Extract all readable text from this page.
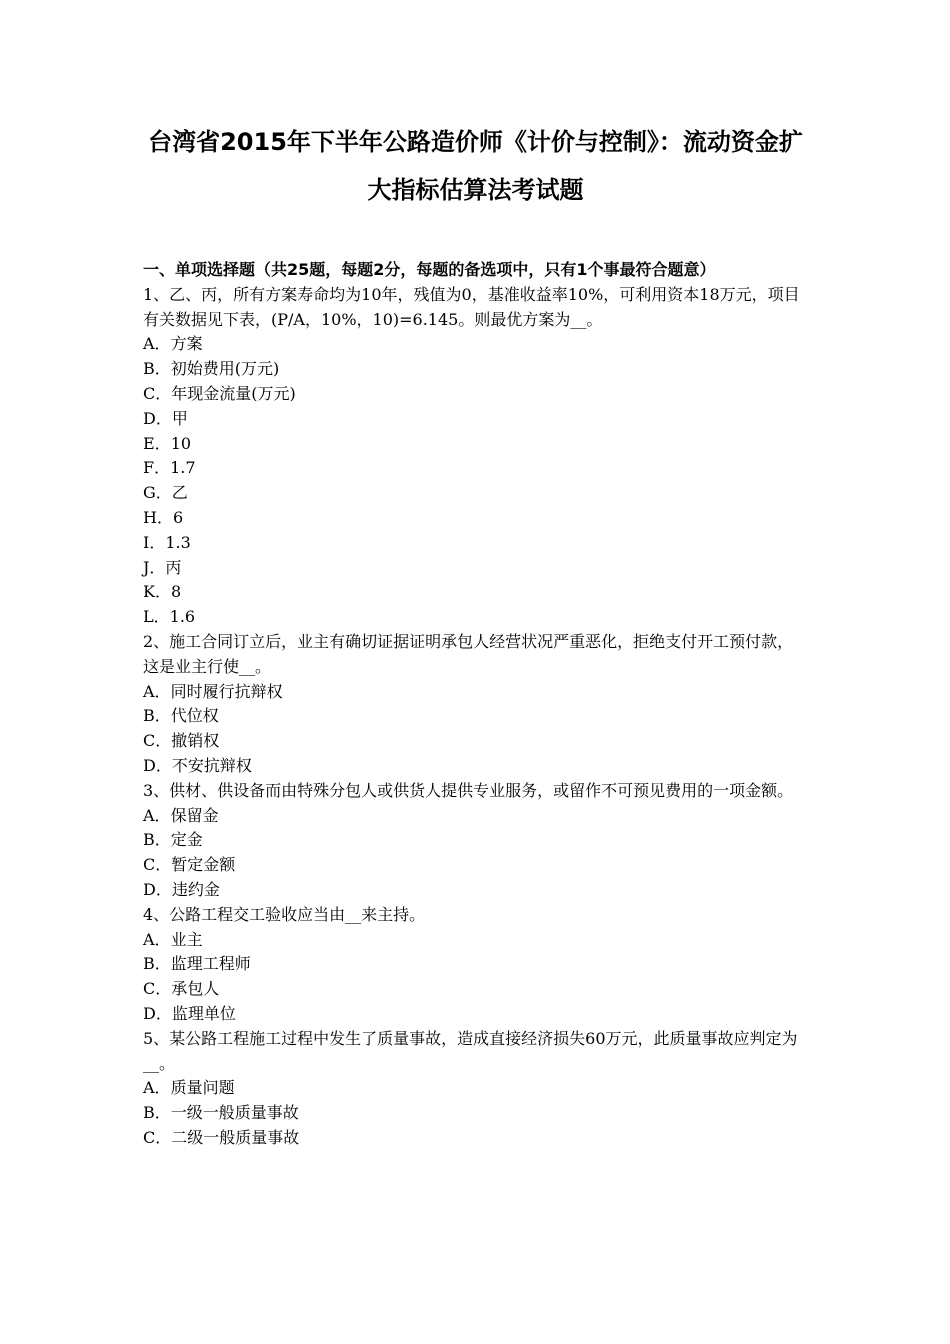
台湾省2015年下半年公路造价师《计价与控制》：流动资金扩大指标估算法考试题

一、单项选择题（共25题，每题2分，每题的备选项中，只有1个事最符合题意）

1、乙、丙，所有方案寿命均为10年，残值为0，基准收益率10%，可利用资本18万元，项目有关数据见下表，(P/A，10%，10)=6.145。则最优方案为__。

A．方案

B．初始费用(万元)

C．年现金流量(万元)

D．甲

E．10

F．1.7

G．乙

H．6

I．1.3

J．丙

K．8

L．1.6

2、施工合同订立后，业主有确切证据证明承包人经营状况严重恶化，拒绝支付开工预付款，这是业主行使__。

A．同时履行抗辩权

B．代位权

C．撤销权

D．不安抗辩权

3、供材、供设备而由特殊分包人或供货人提供专业服务，或留作不可预见费用的一项金额。

A．保留金

B．定金

C．暂定金额

D．违约金

4、公路工程交工验收应当由__来主持。

A．业主

B．监理工程师

C．承包人

D．监理单位

5、某公路工程施工过程中发生了质量事故，造成直接经济损失60万元，此质量事故应判定为__。

A．质量问题

B．一级一般质量事故

C．二级一般质量事故
